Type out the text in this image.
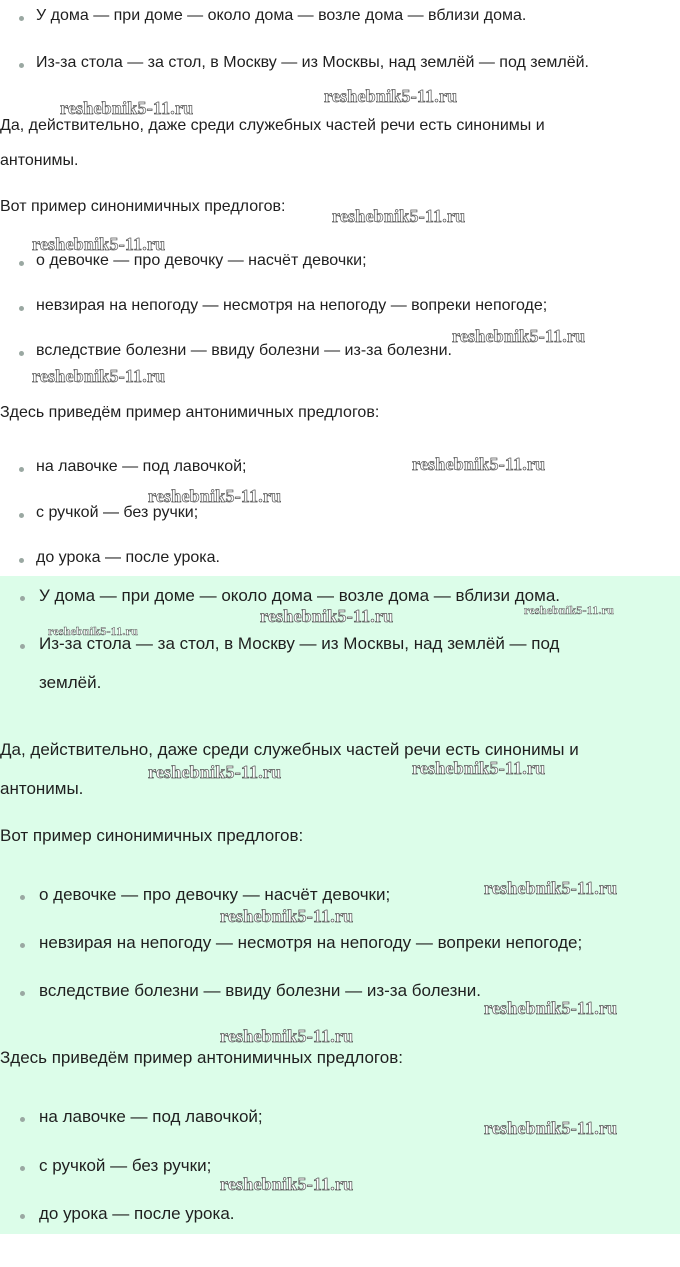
У дома — при доме — около дома — возле дома — вблизи дома.
Из-за стола — за стол, в Москву — из Москвы, над землёй — под землёй.
Да, действительно, даже среди служебных частей речи есть синонимы и
антонимы.
Вот пример синонимичных предлогов:
о девочке — про девочку — насчёт девочки;
невзирая на непогоду — несмотря на непогоду — вопреки непогоде;
вследствие болезни — ввиду болезни — из-за болезни.
Здесь приведём пример антонимичных предлогов:
на лавочке — под лавочкой;
с ручкой — без ручки;
до урока — после урока.
У дома — при доме — около дома — возле дома — вблизи дома.
Из-за стола — за стол, в Москву — из Москвы, над землёй — под
землёй.
Да, действительно, даже среди служебных частей речи есть синонимы и
антонимы.
Вот пример синонимичных предлогов:
о девочке — про девочку — насчёт девочки;
невзирая на непогоду — несмотря на непогоду — вопреки непогоде;
вследствие болезни — ввиду болезни — из-за болезни.
Здесь приведём пример антонимичных предлогов:
на лавочке — под лавочкой;
с ручкой — без ручки;
до урока — после урока.
reshebnik5-11.ru
reshebnik5-11.ru
reshebnik5-11.ru
reshebnik5-11.ru
reshebnik5-11.ru
reshebnik5-11.ru
reshebnik5-11.ru
reshebnik5-11.ru
reshebnik5-11.ru	reshebnik5-11.ru
reshebnik5-11.ru
reshebnik5-11.ru	reshebnik5-11.ru
reshebnik5-11.ru
reshebnik5-11.ru
reshebnik5-11.ru
reshebnik5-11.ru
reshebnik5-11.ru
reshebnik5-11.ru
